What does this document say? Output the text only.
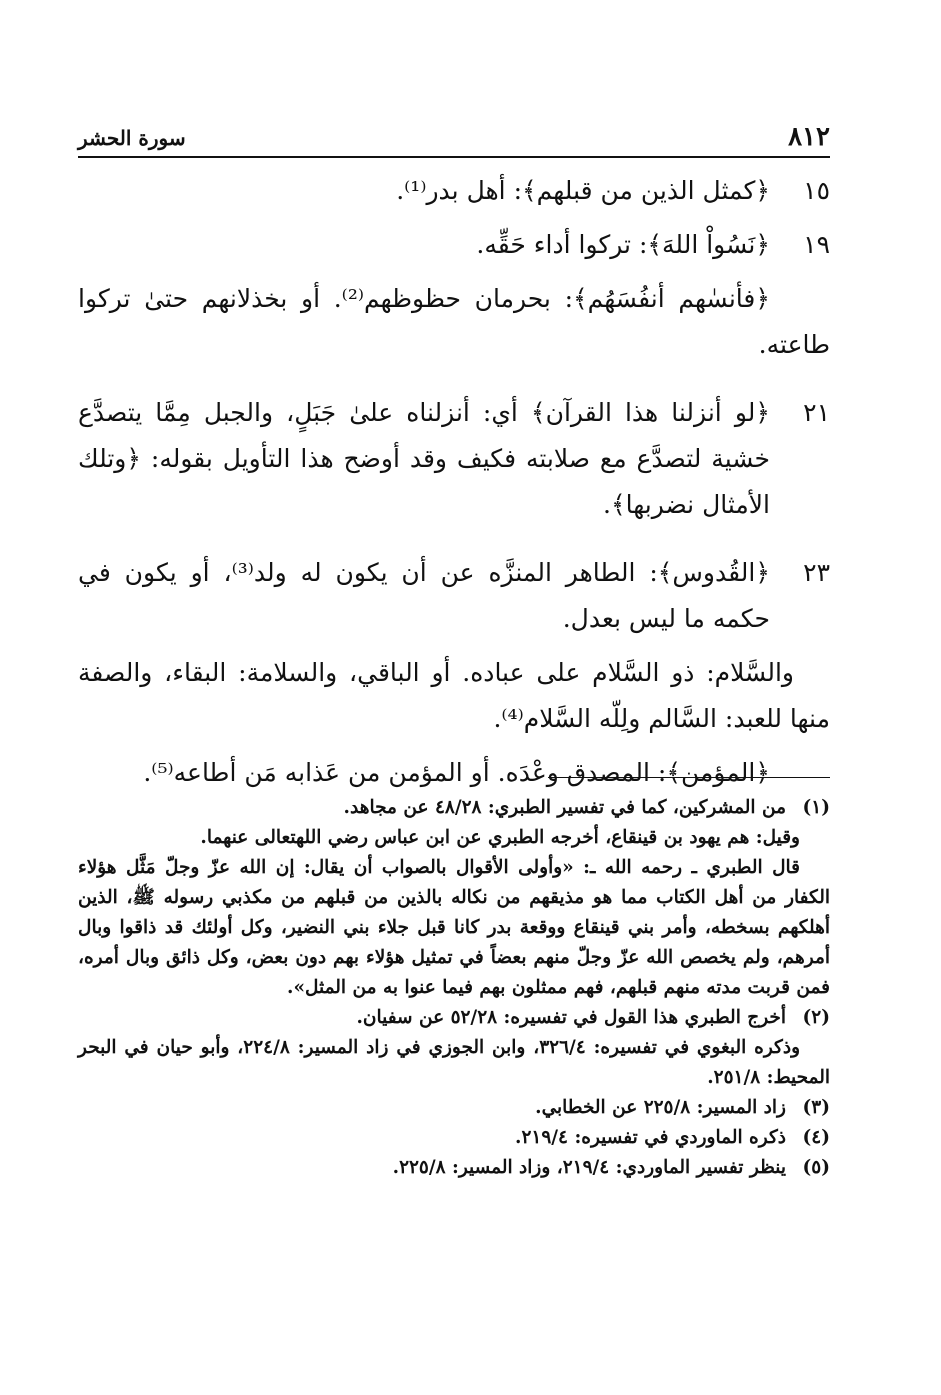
٨١٢
سورة الحشر
١٥
﴿كمثل الذين من قبلهم﴾: أهل بدر⁽¹⁾.
١٩
﴿نَسُواْ اللهَ﴾: تركوا أداء حَقِّه.
﴿فأنسٰهم أنفُسَهُم﴾: بحرمان حظوظهم⁽²⁾. أو بخذلانهم حتىٰ تركوا طاعته.
٢١
﴿لو أنزلنا هذا القرآن﴾ أي: أنزلناه علىٰ جَبَلٍ، والجبل مِمَّا يتصدَّع خشية لتصدَّع مع صلابته فكيف وقد أوضح هذا التأويل بقوله: ﴿وتلك الأمثال نضربها﴾.
٢٣
﴿القُدوس﴾: الطاهر المنزَّه عن أن يكون له ولد⁽³⁾، أو يكون في حكمه ما ليس بعدل.
والسَّلام: ذو السَّلام على عباده. أو الباقي، والسلامة: البقاء، والصفة منها للعبد: السَّالم ولِلّه السَّلام⁽⁴⁾.
﴿المؤمن﴾: المصدق وعْدَه. أو المؤمن من عَذابه مَن أطاعه⁽⁵⁾.
(١)
من المشركين، كما في تفسير الطبري: ٤٨/٢٨ عن مجاهد.
وقيل: هم يهود بن قينقاع، أخرجه الطبري عن ابن عباس رضي اللهتعالى عنهما.
قال الطبري ـ رحمه الله ـ: «وأولى الأقوال بالصواب أن يقال: إن الله عزّ وجلّ مَثَّل هؤلاء الكفار من أهل الكتاب مما هو مذيقهم من نكاله بالذين من قبلهم من مكذبي رسوله ﷺ، الذين أهلكهم بسخطه، وأمر بني قينقاع ووقعة بدر كانا قبل جلاء بني النضير، وكل أولئك قد ذاقوا وبال أمرهم، ولم يخصص الله عزّ وجلّ منهم بعضاً في تمثيل هؤلاء بهم دون بعض، وكل ذائق وبال أمره، فمن قربت مدته منهم قبلهم، فهم ممثلون بهم فيما عنوا به من المثل».
(٢)
أخرج الطبري هذا القول في تفسيره: ٥٢/٢٨ عن سفيان.
وذكره البغوي في تفسيره: ٣٢٦/٤، وابن الجوزي في زاد المسير: ٢٢٤/٨، وأبو حيان في البحر المحيط: ٢٥١/٨.
(٣)
زاد المسير: ٢٢٥/٨ عن الخطابي.
(٤)
ذكره الماوردي في تفسيره: ٢١٩/٤.
(٥)
ينظر تفسير الماوردي: ٢١٩/٤، وزاد المسير: ٢٢٥/٨.
